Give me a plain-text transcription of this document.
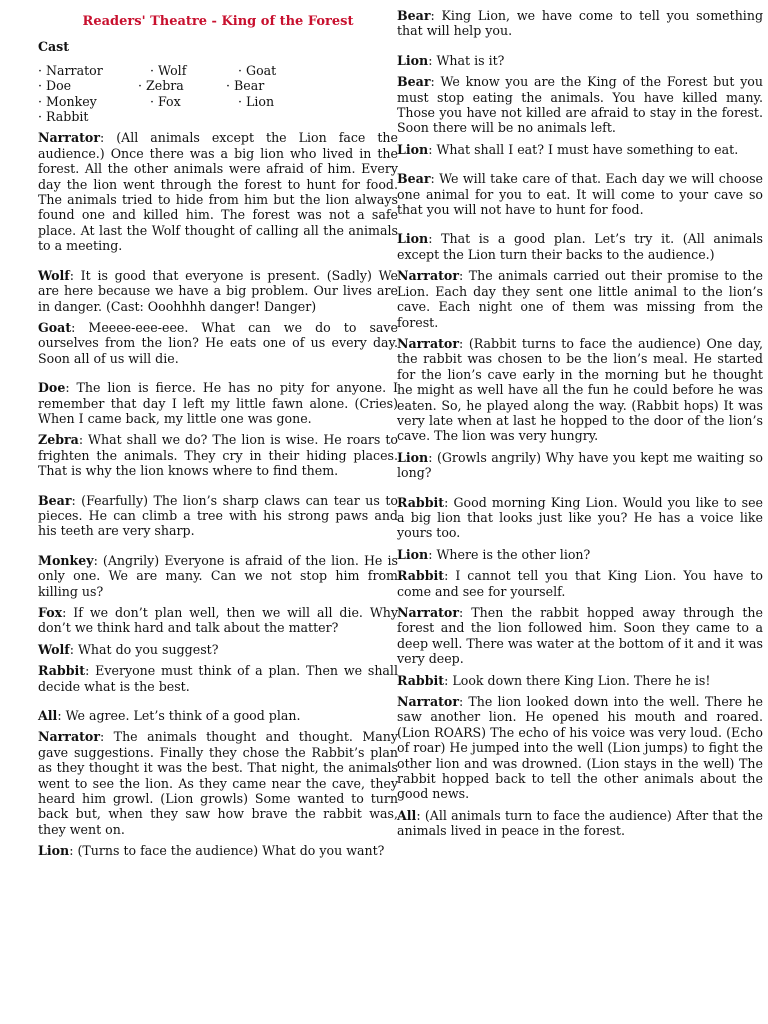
Readers' Theatre - King of the Forest
Cast
· Narrator	· Wolf	· Goat
· Doe	· Zebra	· Bear
· Monkey	· Fox	· Lion
· Rabbit

Narrator: (All animals except the Lion face the audience.) Once there was a big lion who lived in the forest. All the other animals were afraid of him. Every day the lion went through the forest to hunt for food. The animals tried to hide from him but the lion always found one and killed him. The forest was not a safe place. At last the Wolf thought of calling all the animals to a meeting.

Wolf: It is good that everyone is present. (Sadly) We are here because we have a big problem. Our lives are in danger. (Cast: Ooohhhh danger! Danger)

Goat: Meeee-eee-eee. What can we do to save ourselves from the lion? He eats one of us every day. Soon all of us will die.

Doe: The lion is fierce. He has no pity for anyone. I remember that day I left my little fawn alone. (Cries) When I came back, my little one was gone.

Zebra: What shall we do? The lion is wise. He roars to frighten the animals. They cry in their hiding places. That is why the lion knows where to find them.

Bear: (Fearfully) The lion’s sharp claws can tear us to pieces. He can climb a tree with his strong paws and his teeth are very sharp.

Monkey: (Angrily) Everyone is afraid of the lion. He is only one. We are many. Can we not stop him from killing us?

Fox: If we don’t plan well, then we will all die. Why don’t we think hard and talk about the matter?

Wolf: What do you suggest?

Rabbit: Everyone must think of a plan. Then we shall decide what is the best.

All: We agree. Let’s think of a good plan.

Narrator: The animals thought and thought. Many gave suggestions. Finally they chose the Rabbit’s plan as they thought it was the best. That night, the animals went to see the lion. As they came near the cave, they heard him growl. (Lion growls) Some wanted to turn back but, when they saw how brave the rabbit was, they went on.

Lion: (Turns to face the audience) What do you want?

Bear: King Lion, we have come to tell you something that will help you.

Lion: What is it?

Bear: We know you are the King of the Forest but you must stop eating the animals. You have killed many. Those you have not killed are afraid to stay in the forest. Soon there will be no animals left.

Lion: What shall I eat? I must have something to eat.

Bear: We will take care of that. Each day we will choose one animal for you to eat. It will come to your cave so that you will not have to hunt for food.

Lion: That is a good plan. Let’s try it. (All animals except the Lion turn their backs to the audience.)

Narrator: The animals carried out their promise to the Lion. Each day they sent one little animal to the lion’s cave. Each night one of them was missing from the forest.

Narrator: (Rabbit turns to face the audience) One day, the rabbit was chosen to be the lion’s meal. He started for the lion’s cave early in the morning but he thought he might as well have all the fun he could before he was eaten. So, he played along the way. (Rabbit hops) It was very late when at last he hopped to the door of the lion’s cave. The lion was very hungry.

Lion: (Growls angrily) Why have you kept me waiting so long?

Rabbit: Good morning King Lion. Would you like to see a big lion that looks just like you? He has a voice like yours too.

Lion: Where is the other lion?

Rabbit: I cannot tell you that King Lion. You have to come and see for yourself.

Narrator: Then the rabbit hopped away through the forest and the lion followed him. Soon they came to a deep well. There was water at the bottom of it and it was very deep.

Rabbit: Look down there King Lion. There he is!

Narrator: The lion looked down into the well. There he saw another lion. He opened his mouth and roared. (Lion ROARS) The echo of his voice was very loud. (Echo of roar) He jumped into the well (Lion jumps) to fight the other lion and was drowned. (Lion stays in the well) The rabbit hopped back to tell the other animals about the good news.

All: (All animals turn to face the audience) After that the animals lived in peace in the forest.
